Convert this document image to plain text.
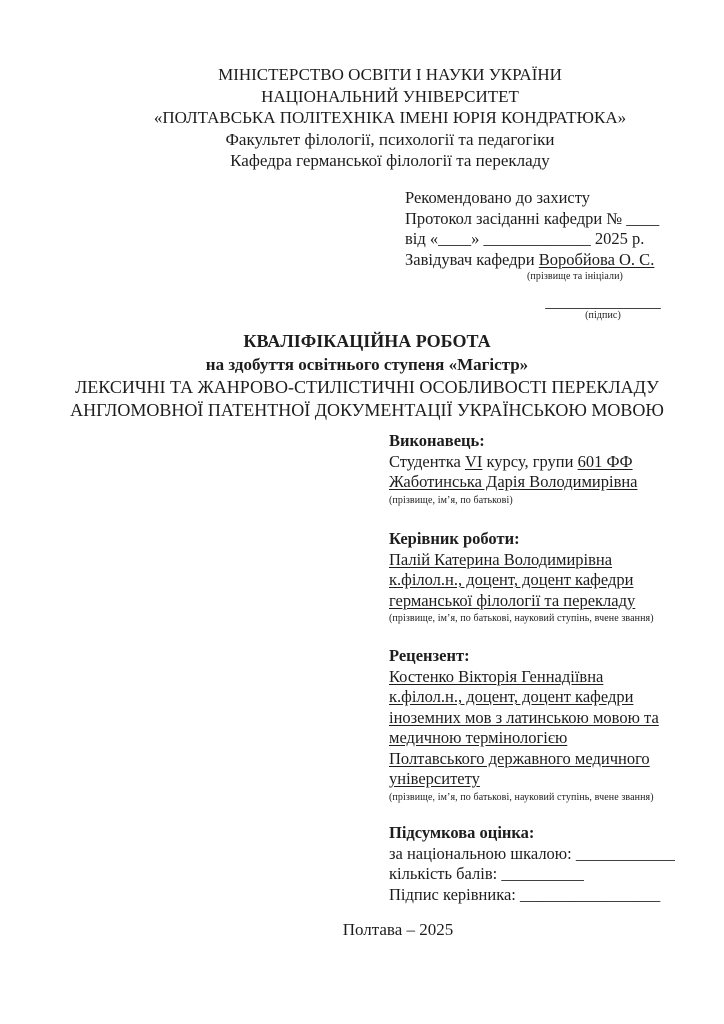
МІНІСТЕРСТВО ОСВІТИ І НАУКИ УКРАЇНИ
НАЦІОНАЛЬНИЙ УНІВЕРСИТЕТ
«ПОЛТАВСЬКА ПОЛІТЕХНІКА ІМЕНІ ЮРІЯ КОНДРАТЮКА»
Факультет філології, психології та педагогіки
Кафедра германської філології та перекладу
Рекомендовано до захисту
Протокол засіданні кафедри № ____
від «____» _____________ 2025 р.
Завідувач кафедри Воробйова О. С.
(прізвище та ініціали)
______________
(підпис)
КВАЛІФІКАЦІЙНА РОБОТА
на здобуття освітнього ступеня «Магістр»
ЛЕКСИЧНІ ТА ЖАНРОВО-СТИЛІСТИЧНІ ОСОБЛИВОСТІ ПЕРЕКЛАДУ
АНГЛОМОВНОЇ ПАТЕНТНОЇ ДОКУМЕНТАЦІЇ УКРАЇНСЬКОЮ МОВОЮ
Виконавець:
Студентка VI курсу, групи 601 ФФ
Жаботинська Дарія Володимирівна
(прізвище, ім’я, по батькові)
Керівник роботи:
Палій Катерина Володимирівна
к.філол.н., доцент, доцент кафедри
германської філології та перекладу
(прізвище, ім’я, по батькові, науковий ступінь, вчене звання)
Рецензент:
Костенко Вікторія Геннадіївна
к.філол.н., доцент, доцент кафедри
іноземних мов з латинською мовою та
медичною термінологією
Полтавського державного медичного
університету
(прізвище, ім’я, по батькові, науковий ступінь, вчене звання)
Підсумкова оцінка:
за національною шкалою: ____________
кількість балів: __________
Підпис керівника: _________________
Полтава – 2025
